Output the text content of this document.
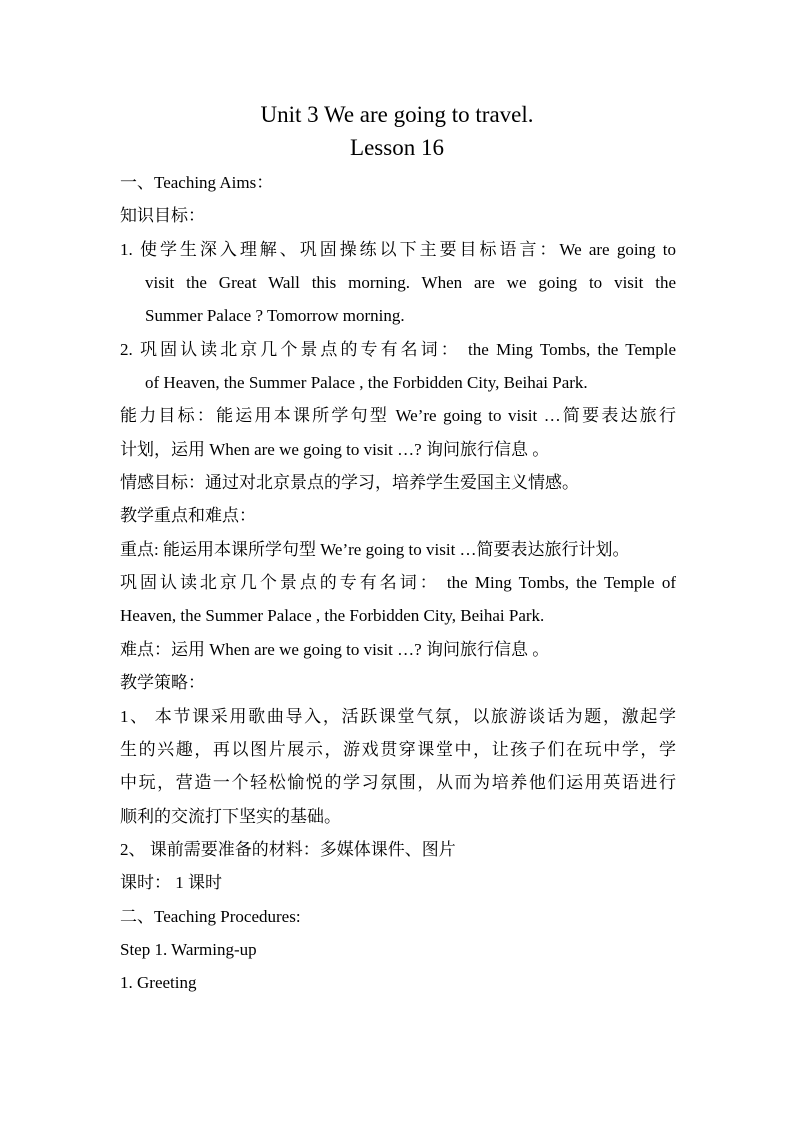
Unit 3 We are going to travel.
Lesson 16
一、Teaching Aims：
知识目标：
1. 使学生深入理解、巩固操练以下主要目标语言：We are going to
visit the Great Wall this morning. When are we going to visit the
Summer Palace ? Tomorrow morning.
2. 巩固认读北京几个景点的专有名词： the Ming Tombs, the Temple
of Heaven, the Summer Palace , the Forbidden City, Beihai Park.
能力目标：能运用本课所学句型 We’re going to visit …简要表达旅行
计划，运用 When are we going to visit …? 询问旅行信息 。
情感目标：通过对北京景点的学习，培养学生爱国主义情感。
教学重点和难点：
重点: 能运用本课所学句型 We’re going to visit …简要表达旅行计划。
巩固认读北京几个景点的专有名词： the Ming Tombs, the Temple of
Heaven, the Summer Palace , the Forbidden City, Beihai Park.
难点：运用 When are we going to visit …? 询问旅行信息 。
教学策略：
1、 本节课采用歌曲导入，活跃课堂气氛，以旅游谈话为题，激起学
生的兴趣，再以图片展示，游戏贯穿课堂中，让孩子们在玩中学，学
中玩，营造一个轻松愉悦的学习氛围，从而为培养他们运用英语进行
顺利的交流打下坚实的基础。
2、 课前需要准备的材料：多媒体课件、图片
课时： 1 课时
二、Teaching Procedures:
Step 1. Warming-up
1. Greeting
